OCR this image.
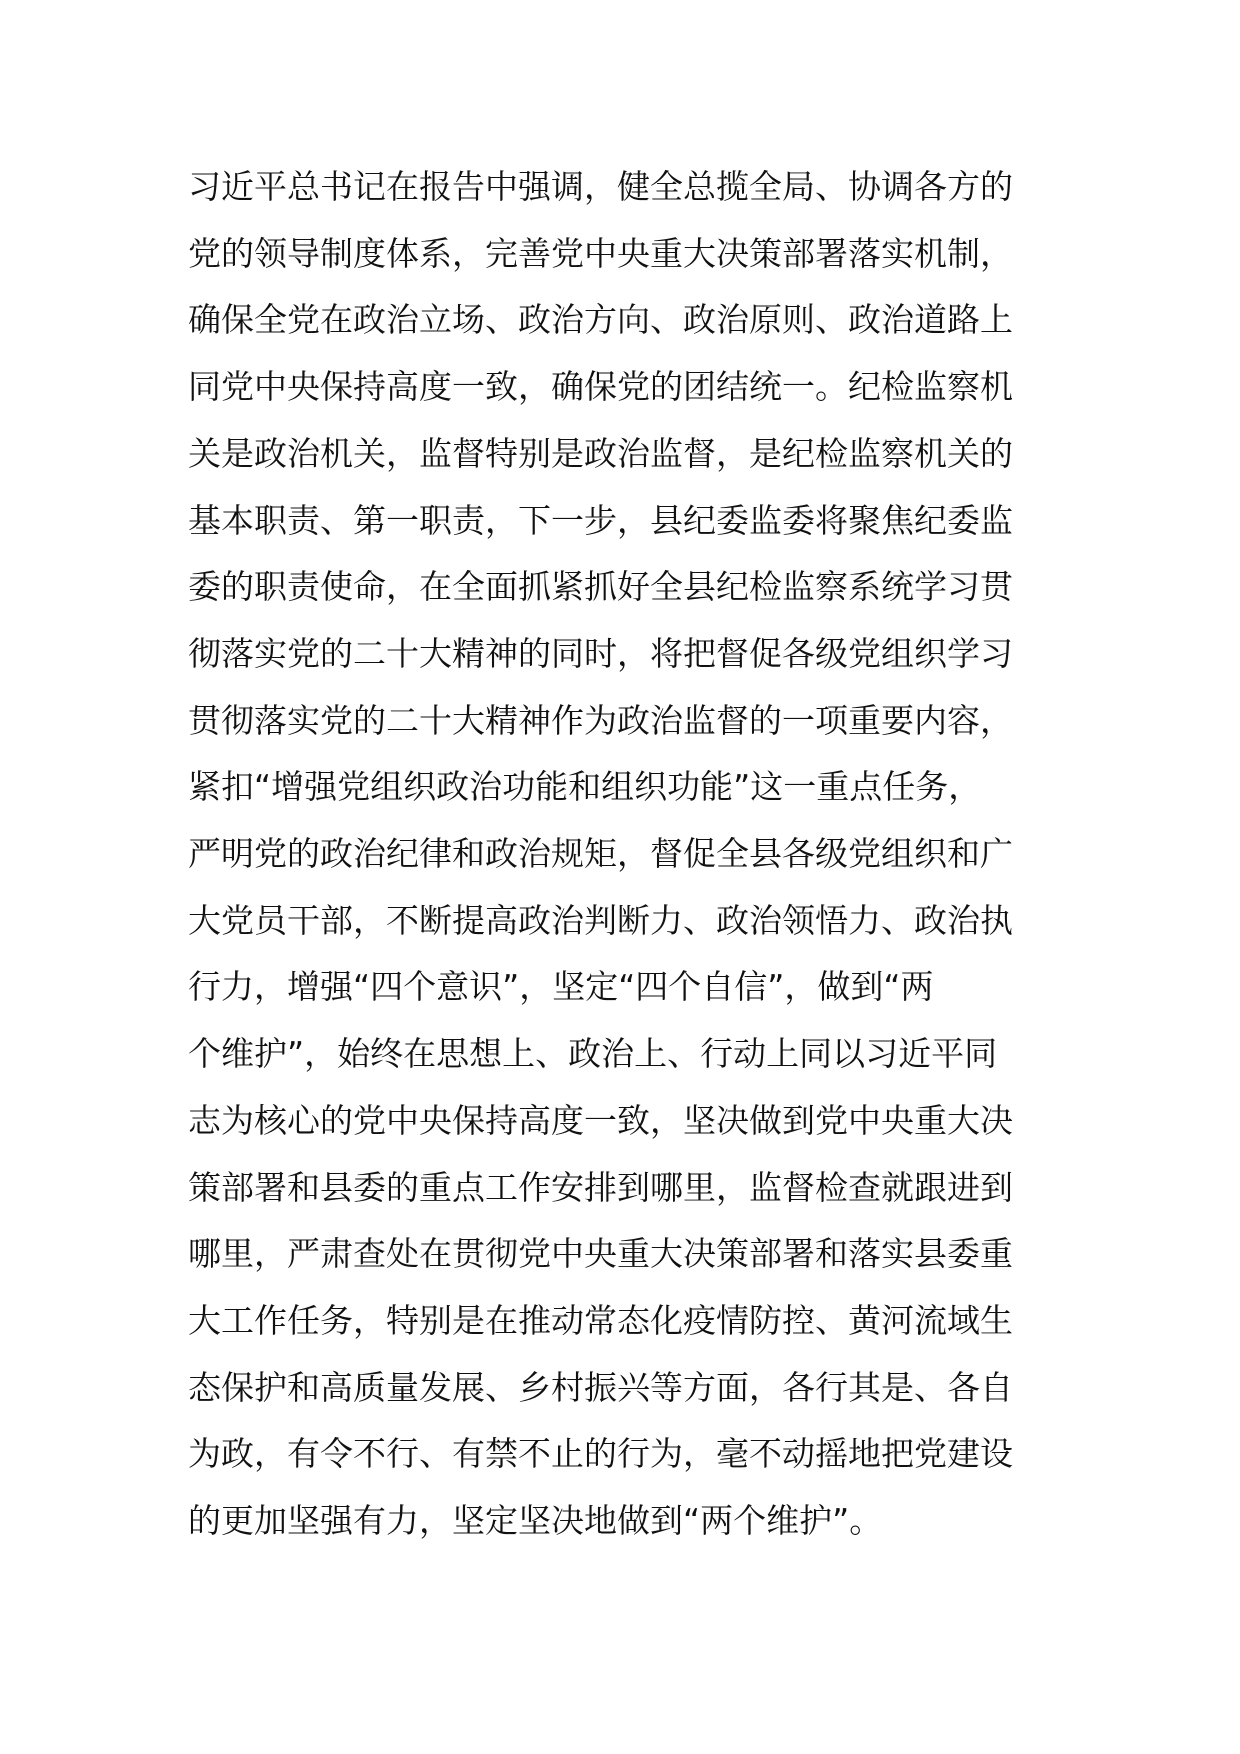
习近平总书记在报告中强调，健全总揽全局、协调各方的
党的领导制度体系，完善党中央重大决策部署落实机制，
确保全党在政治立场、政治方向、政治原则、政治道路上
同党中央保持高度一致，确保党的团结统一。纪检监察机
关是政治机关，监督特别是政治监督，是纪检监察机关的
基本职责、第一职责，下一步，县纪委监委将聚焦纪委监
委的职责使命，在全面抓紧抓好全县纪检监察系统学习贯
彻落实党的二十大精神的同时，将把督促各级党组织学习
贯彻落实党的二十大精神作为政治监督的一项重要内容，
紧扣“增强党组织政治功能和组织功能”这一重点任务，
严明党的政治纪律和政治规矩，督促全县各级党组织和广
大党员干部，不断提高政治判断力、政治领悟力、政治执
行力，增强“四个意识”，坚定“四个自信”，做到“两
个维护”，始终在思想上、政治上、行动上同以习近平同
志为核心的党中央保持高度一致，坚决做到党中央重大决
策部署和县委的重点工作安排到哪里，监督检查就跟进到
哪里，严肃查处在贯彻党中央重大决策部署和落实县委重
大工作任务，特别是在推动常态化疫情防控、黄河流域生
态保护和高质量发展、乡村振兴等方面，各行其是、各自
为政，有令不行、有禁不止的行为，毫不动摇地把党建设
的更加坚强有力，坚定坚决地做到“两个维护”。
